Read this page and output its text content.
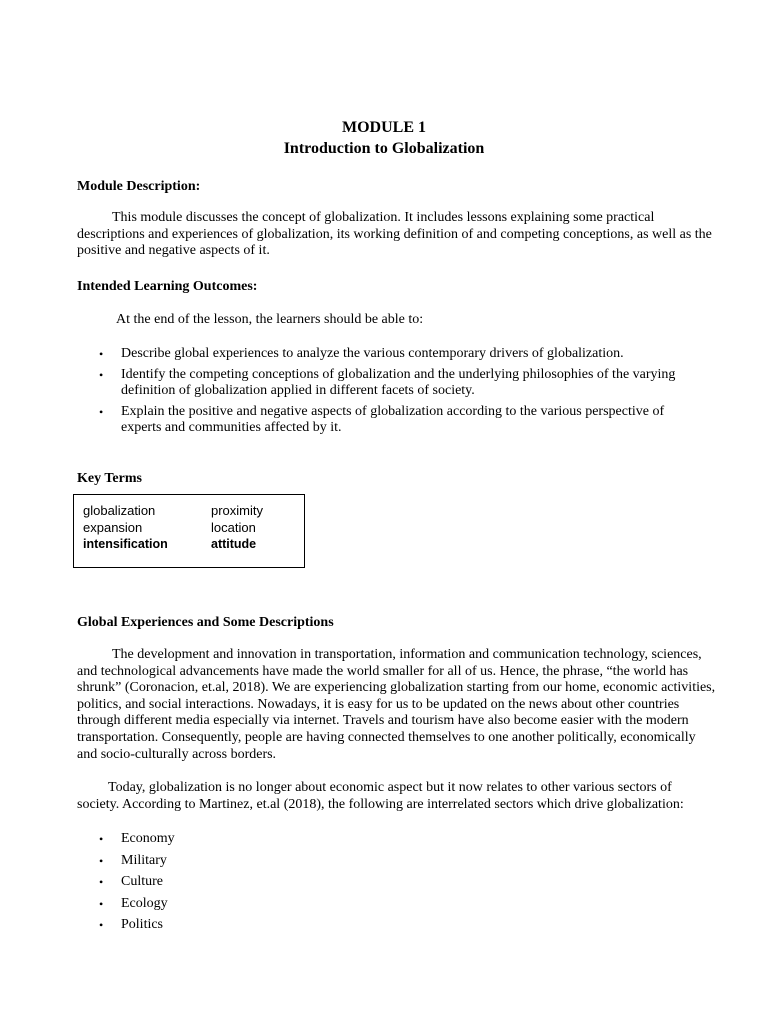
MODULE 1
Introduction to Globalization
Module Description:
This module discusses the concept of globalization. It includes lessons explaining some practical descriptions and experiences of globalization, its working definition of and competing conceptions, as well as the positive and negative aspects of it.
Intended Learning Outcomes:
At the end of the lesson, the learners should be able to:
• Describe global experiences to analyze the various contemporary drivers of globalization.
• Identify the competing conceptions of globalization and the underlying philosophies of the varying definition of globalization applied in different facets of society.
• Explain the positive and negative aspects of globalization according to the various perspective of experts and communities affected by it.
Key Terms
globalization
expansion
intensification
proximity
location
attitude
Global Experiences and Some Descriptions
The development and innovation in transportation, information and communication technology, sciences, and technological advancements have made the world smaller for all of us. Hence, the phrase, “the world has shrunk” (Coronacion, et.al, 2018). We are experiencing globalization starting from our home, economic activities, politics, and social interactions. Nowadays, it is easy for us to be updated on the news about other countries through different media especially via internet. Travels and tourism have also become easier with the modern transportation. Consequently, people are having connected themselves to one another politically, economically and socio-culturally across borders.
Today, globalization is no longer about economic aspect but it now relates to other various sectors of society. According to Martinez, et.al (2018), the following are interrelated sectors which drive globalization:
• Economy
• Military
• Culture
• Ecology
• Politics
